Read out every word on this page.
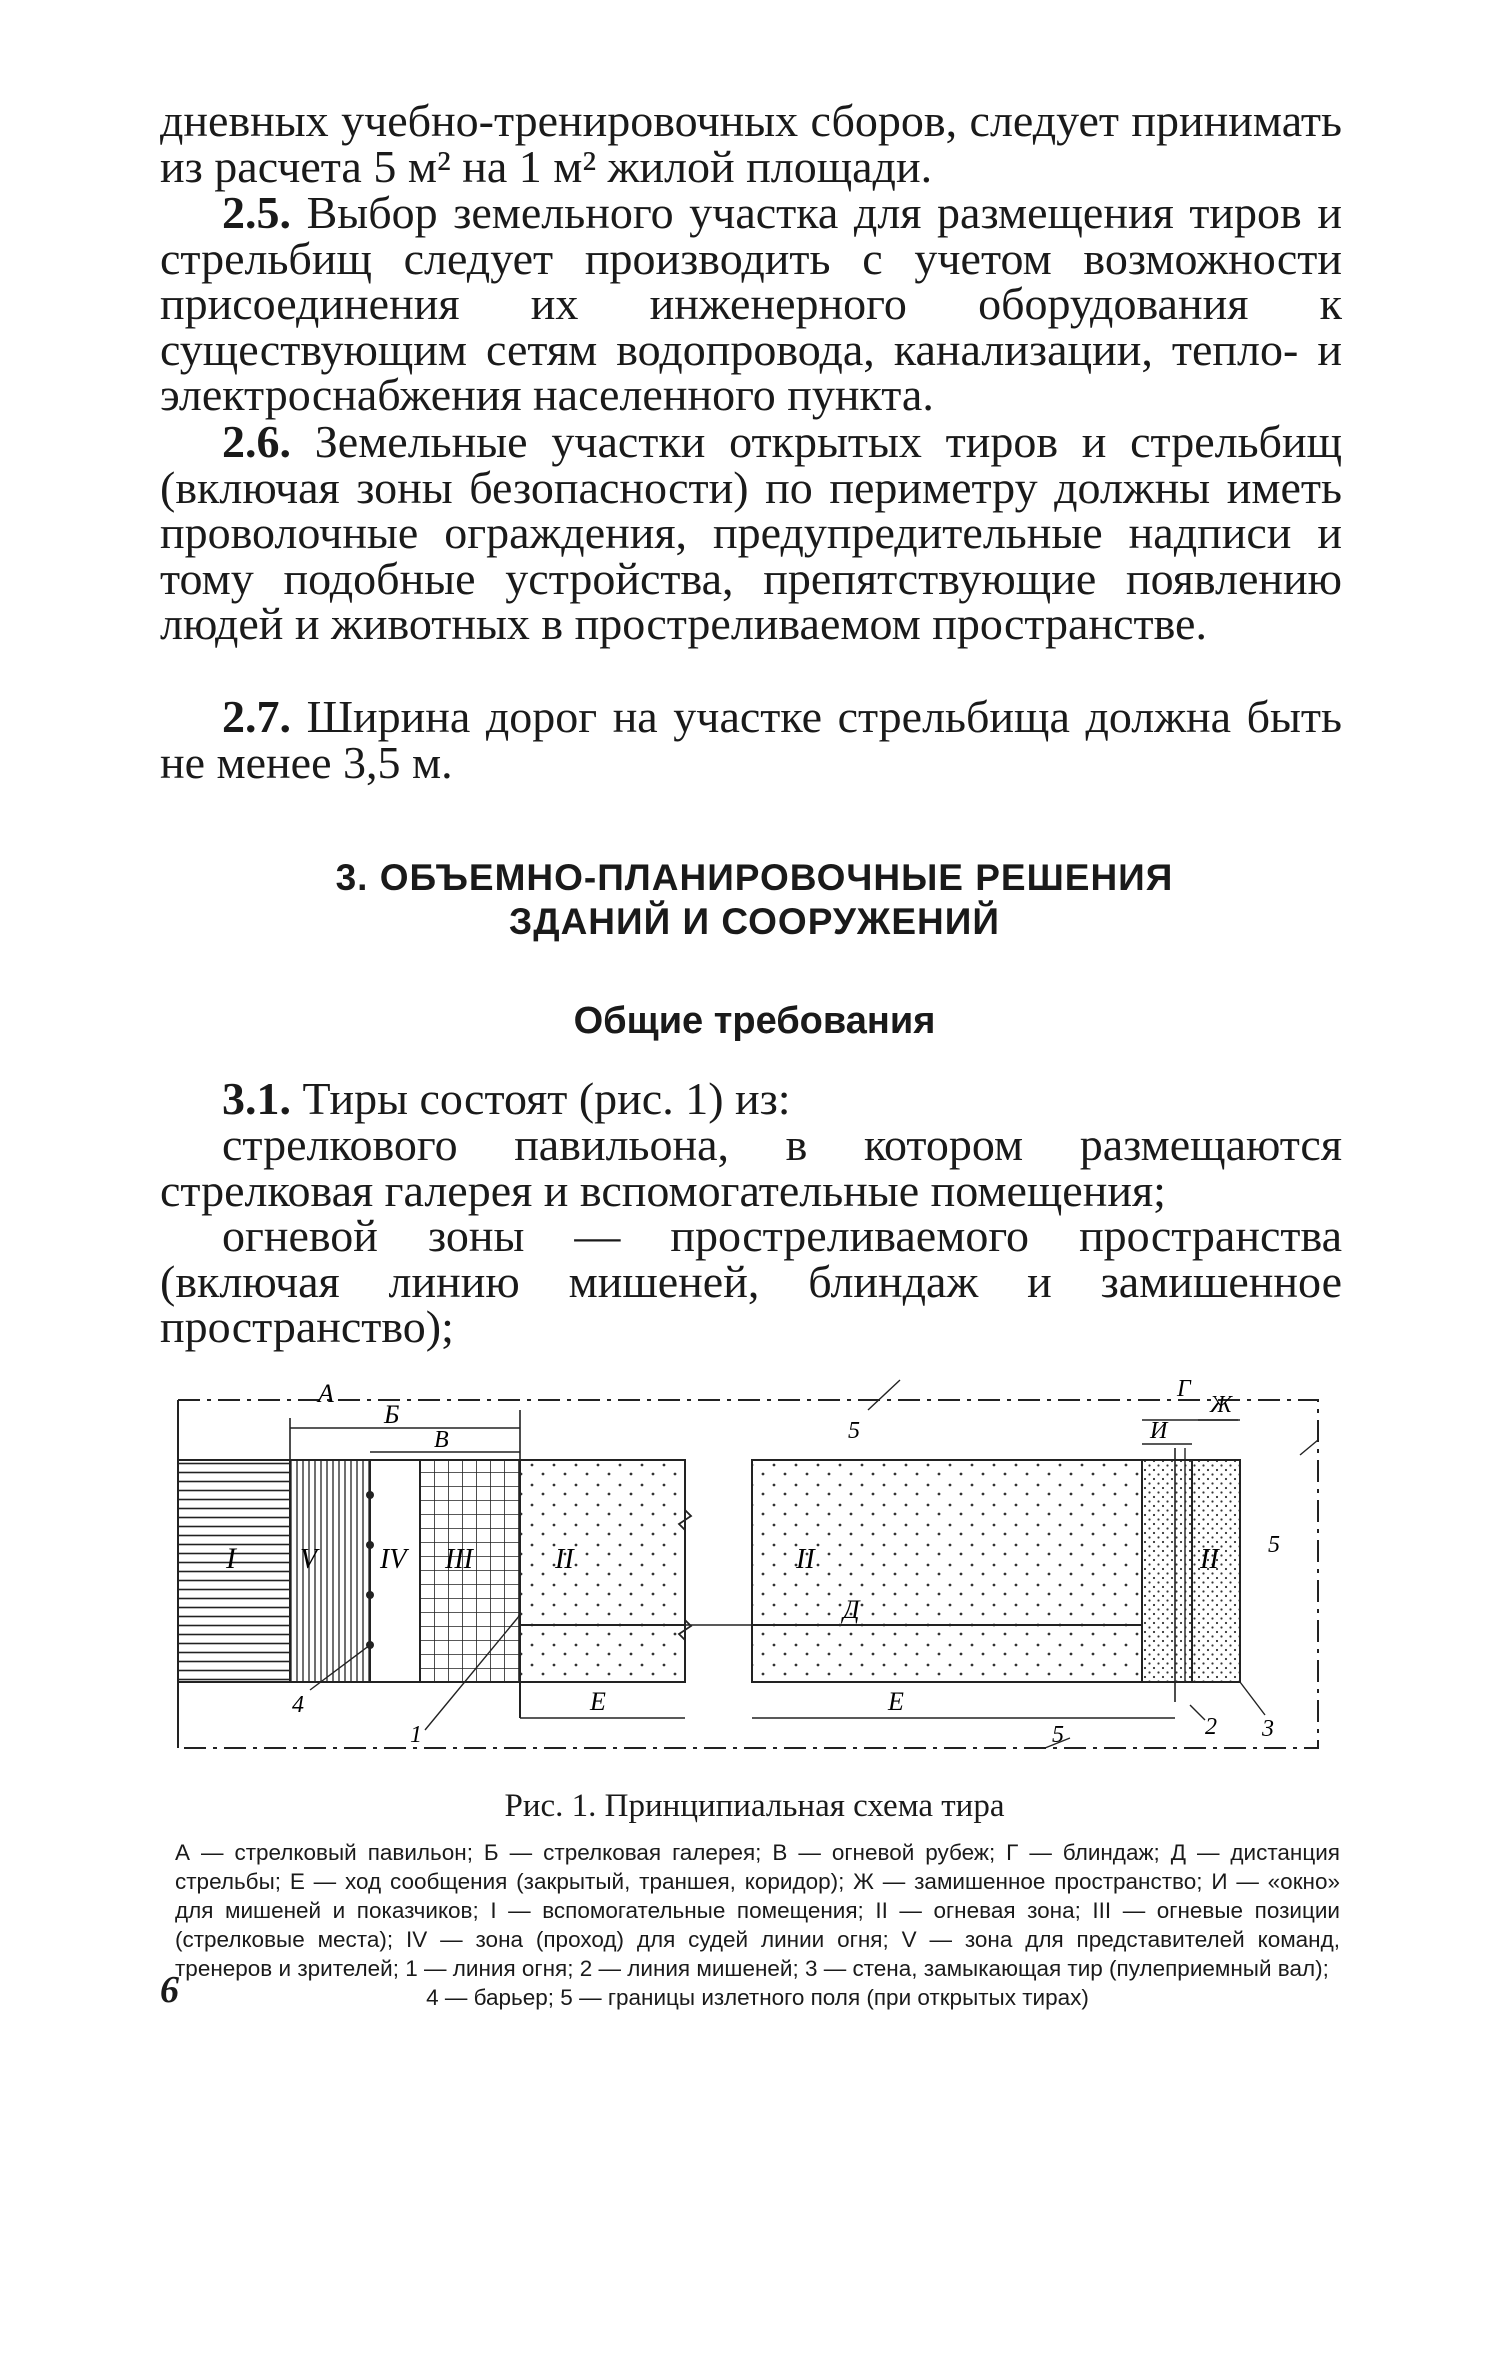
дневных учебно-тренировочных сборов, следует принимать из расчета 5 м² на 1 м² жилой площади.

2.5. Выбор земельного участка для размещения тиров и стрельбищ следует производить с учетом возможности присоединения их инженерного оборудования к существующим сетям водопровода, канализации, тепло- и электроснабжения населенного пункта.

2.6. Земельные участки открытых тиров и стрельбищ (включая зоны безопасности) по периметру должны иметь проволочные ограждения, предупредительные надписи и тому подобные устройства, препятствующие появлению людей и животных в простреливаемом пространстве.

2.7. Ширина дорог на участке стрельбища должна быть не менее 3,5 м.

3. ОБЪЕМНО-ПЛАНИРОВОЧНЫЕ РЕШЕНИЯ

ЗДАНИЙ И СООРУЖЕНИЙ

Общие требования

3.1. Тиры состоят (рис. 1) из:

стрелкового павильона, в котором размещаются стрелковая галерея и вспомогательные помещения;

огневой зоны — простреливаемого пространства (включая линию мишеней, блиндаж и замишенное пространство);

А
Б
В
Г
Ж
И
Д
Е	Е
I V IV III	II	II	II
4
1	2 3
5
5
5

Рис. 1. Принципиальная схема тира

А — стрелковый павильон; Б — стрелковая галерея; В — огневой рубеж; Г — блиндаж; Д — дистанция стрельбы; Е — ход сообщения (закрытый, траншея, коридор); Ж — замишенное пространство; И — «окно» для мишеней и показчиков; I — вспомогательные помещения; II — огневая зона; III — огневые позиции (стрелковые места); IV — зона (проход) для судей линии огня; V — зона для представителей команд, тренеров и зрителей; 1 — линия огня; 2 — линия мишеней; 3 — стена, замыкающая тир (пулеприемный вал);
4 — барьер; 5 — границы излетного поля (при открытых тирах)

6
